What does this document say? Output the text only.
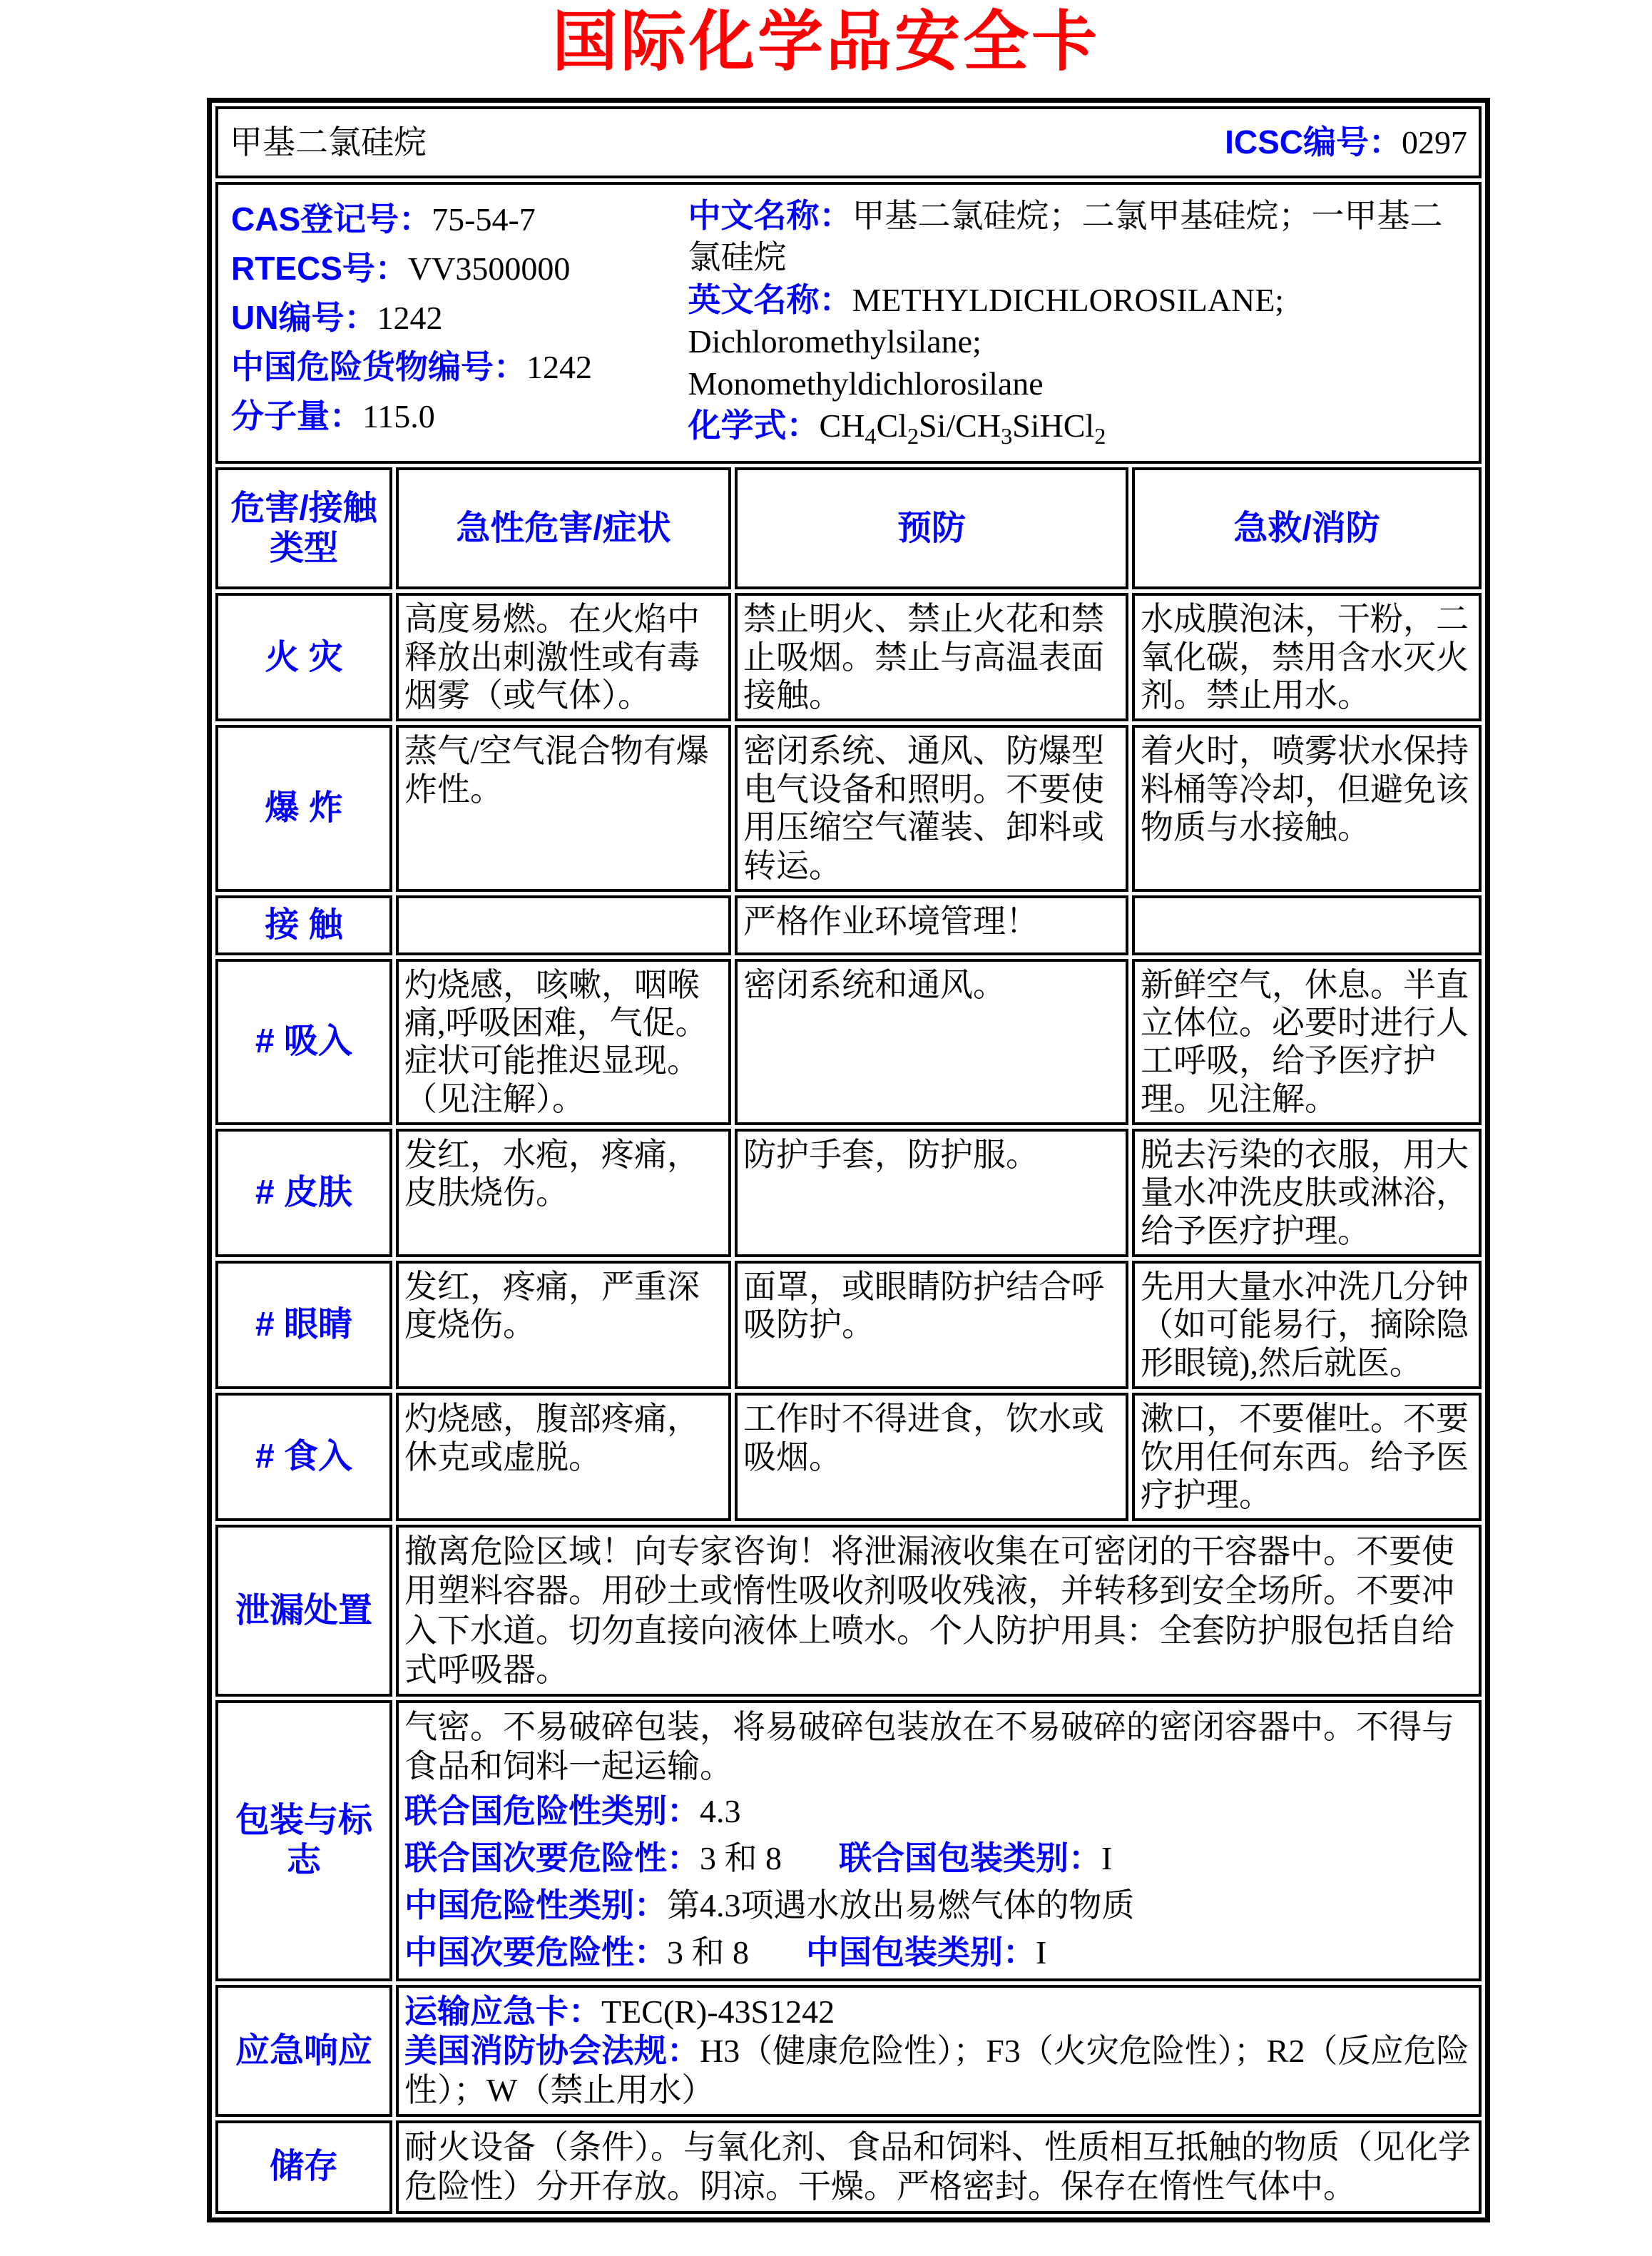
国际化学品安全卡
甲基二氯硅烷 ICSC编号：0297			

CAS登记号：75-54-7
RTECS号：VV3500000
UN编号：1242
中国危险货物编号：1242
分子量：115.0
中文名称：甲基二氯硅烷；二氯甲基硅烷；一甲基二氯硅烷
英文名称：METHYLDICHLOROSILANE;
Dichloromethylsilane;
Monomethyldichlorosilane
化学式：$CH_4Cl_2Si/CH_3SiHCl_2$

危害/接触类型	急性危害/症状	预防	急救/消防
火 灾	高度易燃。在火焰中释放出刺激性或有毒烟雾（或气体）。	禁止明火、禁止火花和禁止吸烟。禁止与高温表面接触。	水成膜泡沫，干粉，二氧化碳，禁用含水灭火剂。禁止用水。
爆 炸	蒸气/空气混合物有爆炸性。	密闭系统、通风、防爆型电气设备和照明。不要使用压缩空气灌装、卸料或转运。	着火时，喷雾状水保持料桶等冷却，但避免该物质与水接触。
接 触		严格作业环境管理！	
# 吸入	灼烧感，咳嗽，咽喉痛,呼吸困难，气促。症状可能推迟显现。（见注解）。	密闭系统和通风。	新鲜空气，休息。半直立体位。必要时进行人工呼吸，给予医疗护理。见注解。
# 皮肤	发红，水疱，疼痛，皮肤烧伤。	防护手套，防护服。	脱去污染的衣服，用大量水冲洗皮肤或淋浴，给予医疗护理。
# 眼睛	发红，疼痛，严重深度烧伤。	面罩，或眼睛防护结合呼吸防护。	先用大量水冲洗几分钟（如可能易行，摘除隐形眼镜),然后就医。
# 食入	灼烧感，腹部疼痛，休克或虚脱。	工作时不得进食，饮水或吸烟。	漱口，不要催吐。不要饮用任何东西。给予医疗护理。
泄漏处置	撤离危险区域！向专家咨询！将泄漏液收集在可密闭的干容器中。不要使用塑料容器。用砂土或惰性吸收剂吸收残液，并转移到安全场所。不要冲入下水道。切勿直接向液体上喷水。个人防护用具：全套防护服包括自给式呼吸器。		

包装与标志	气密。不易破碎包装，将易破碎包装放在不易破碎的密闭容器中。不得与食品和饲料一起运输。
联合国危险性类别：4.3
联合国次要危险性：3 和 8 联合国包装类别：I
中国危险性类别：第4.3项遇水放出易燃气体的物质
中国次要危险性：3 和 8 中国包装类别：I		

应急响应	运输应急卡：TEC(R)-43S1242
美国消防协会法规：H3（健康危险性）；F3（火灾危险性）；R2（反应危险性）；W（禁止用水）		

储存	耐火设备（条件）。与氧化剂、食品和饲料、性质相互抵触的物质（见化学危险性）分开存放。阴凉。干燥。严格密封。保存在惰性气体中。		
